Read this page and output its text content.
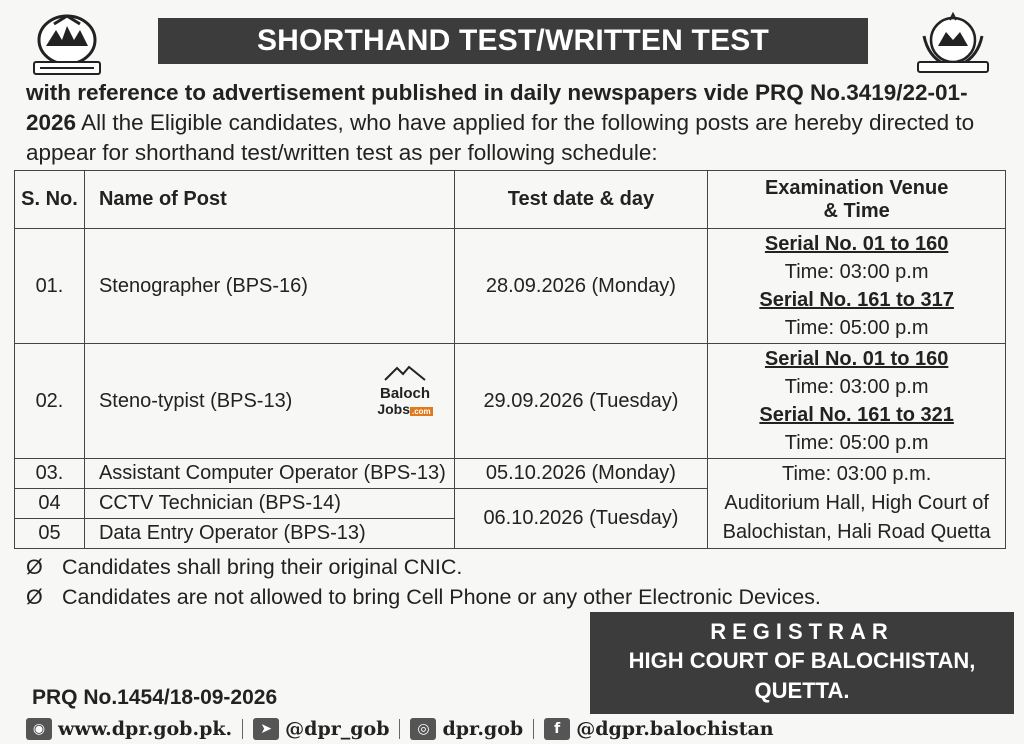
SHORTHAND TEST/WRITTEN TEST
with reference to advertisement published in daily newspapers vide PRQ No.3419/22-01-2026 All the Eligible candidates, who have applied for the following posts are hereby directed to appear for shorthand test/written test as per following schedule:
S. No.	Name of Post	Test date & day	Examination Venue
& Time

01.	Stenographer (BPS-16)	28.09.2026 (Monday)	Serial No. 01 to 160
Time: 03:00 p.m
Serial No. 161 to 317
Time: 05:00 p.m

02.	Steno-typist (BPS-13)	29.09.2026 (Tuesday)	Serial No. 01 to 160
Time: 03:00 p.m
Serial No. 161 to 321
Time: 05:00 p.m

03.	Assistant Computer Operator (BPS-13)	05.10.2026 (Monday)	Time: 03:00 p.m.
Auditorium Hall, High Court of
Balochistan, Hali Road Quetta

04	CCTV Technician (BPS-14)	06.10.2026 (Tuesday)	
05	Data Entry Operator (BPS-13)		
Baloch
Jobs .com
Ø Candidates shall bring their original CNIC.
Ø Candidates are not allowed to bring Cell Phone or any other Electronic Devices.
REGISTRAR
HIGH COURT OF BALOCHISTAN,
QUETTA.
PRQ No.1454/18-09-2026
◉ www.dpr.gob.pk.	➤ @dpr_gob	◎ dpr.gob	f @dgpr.balochistan
